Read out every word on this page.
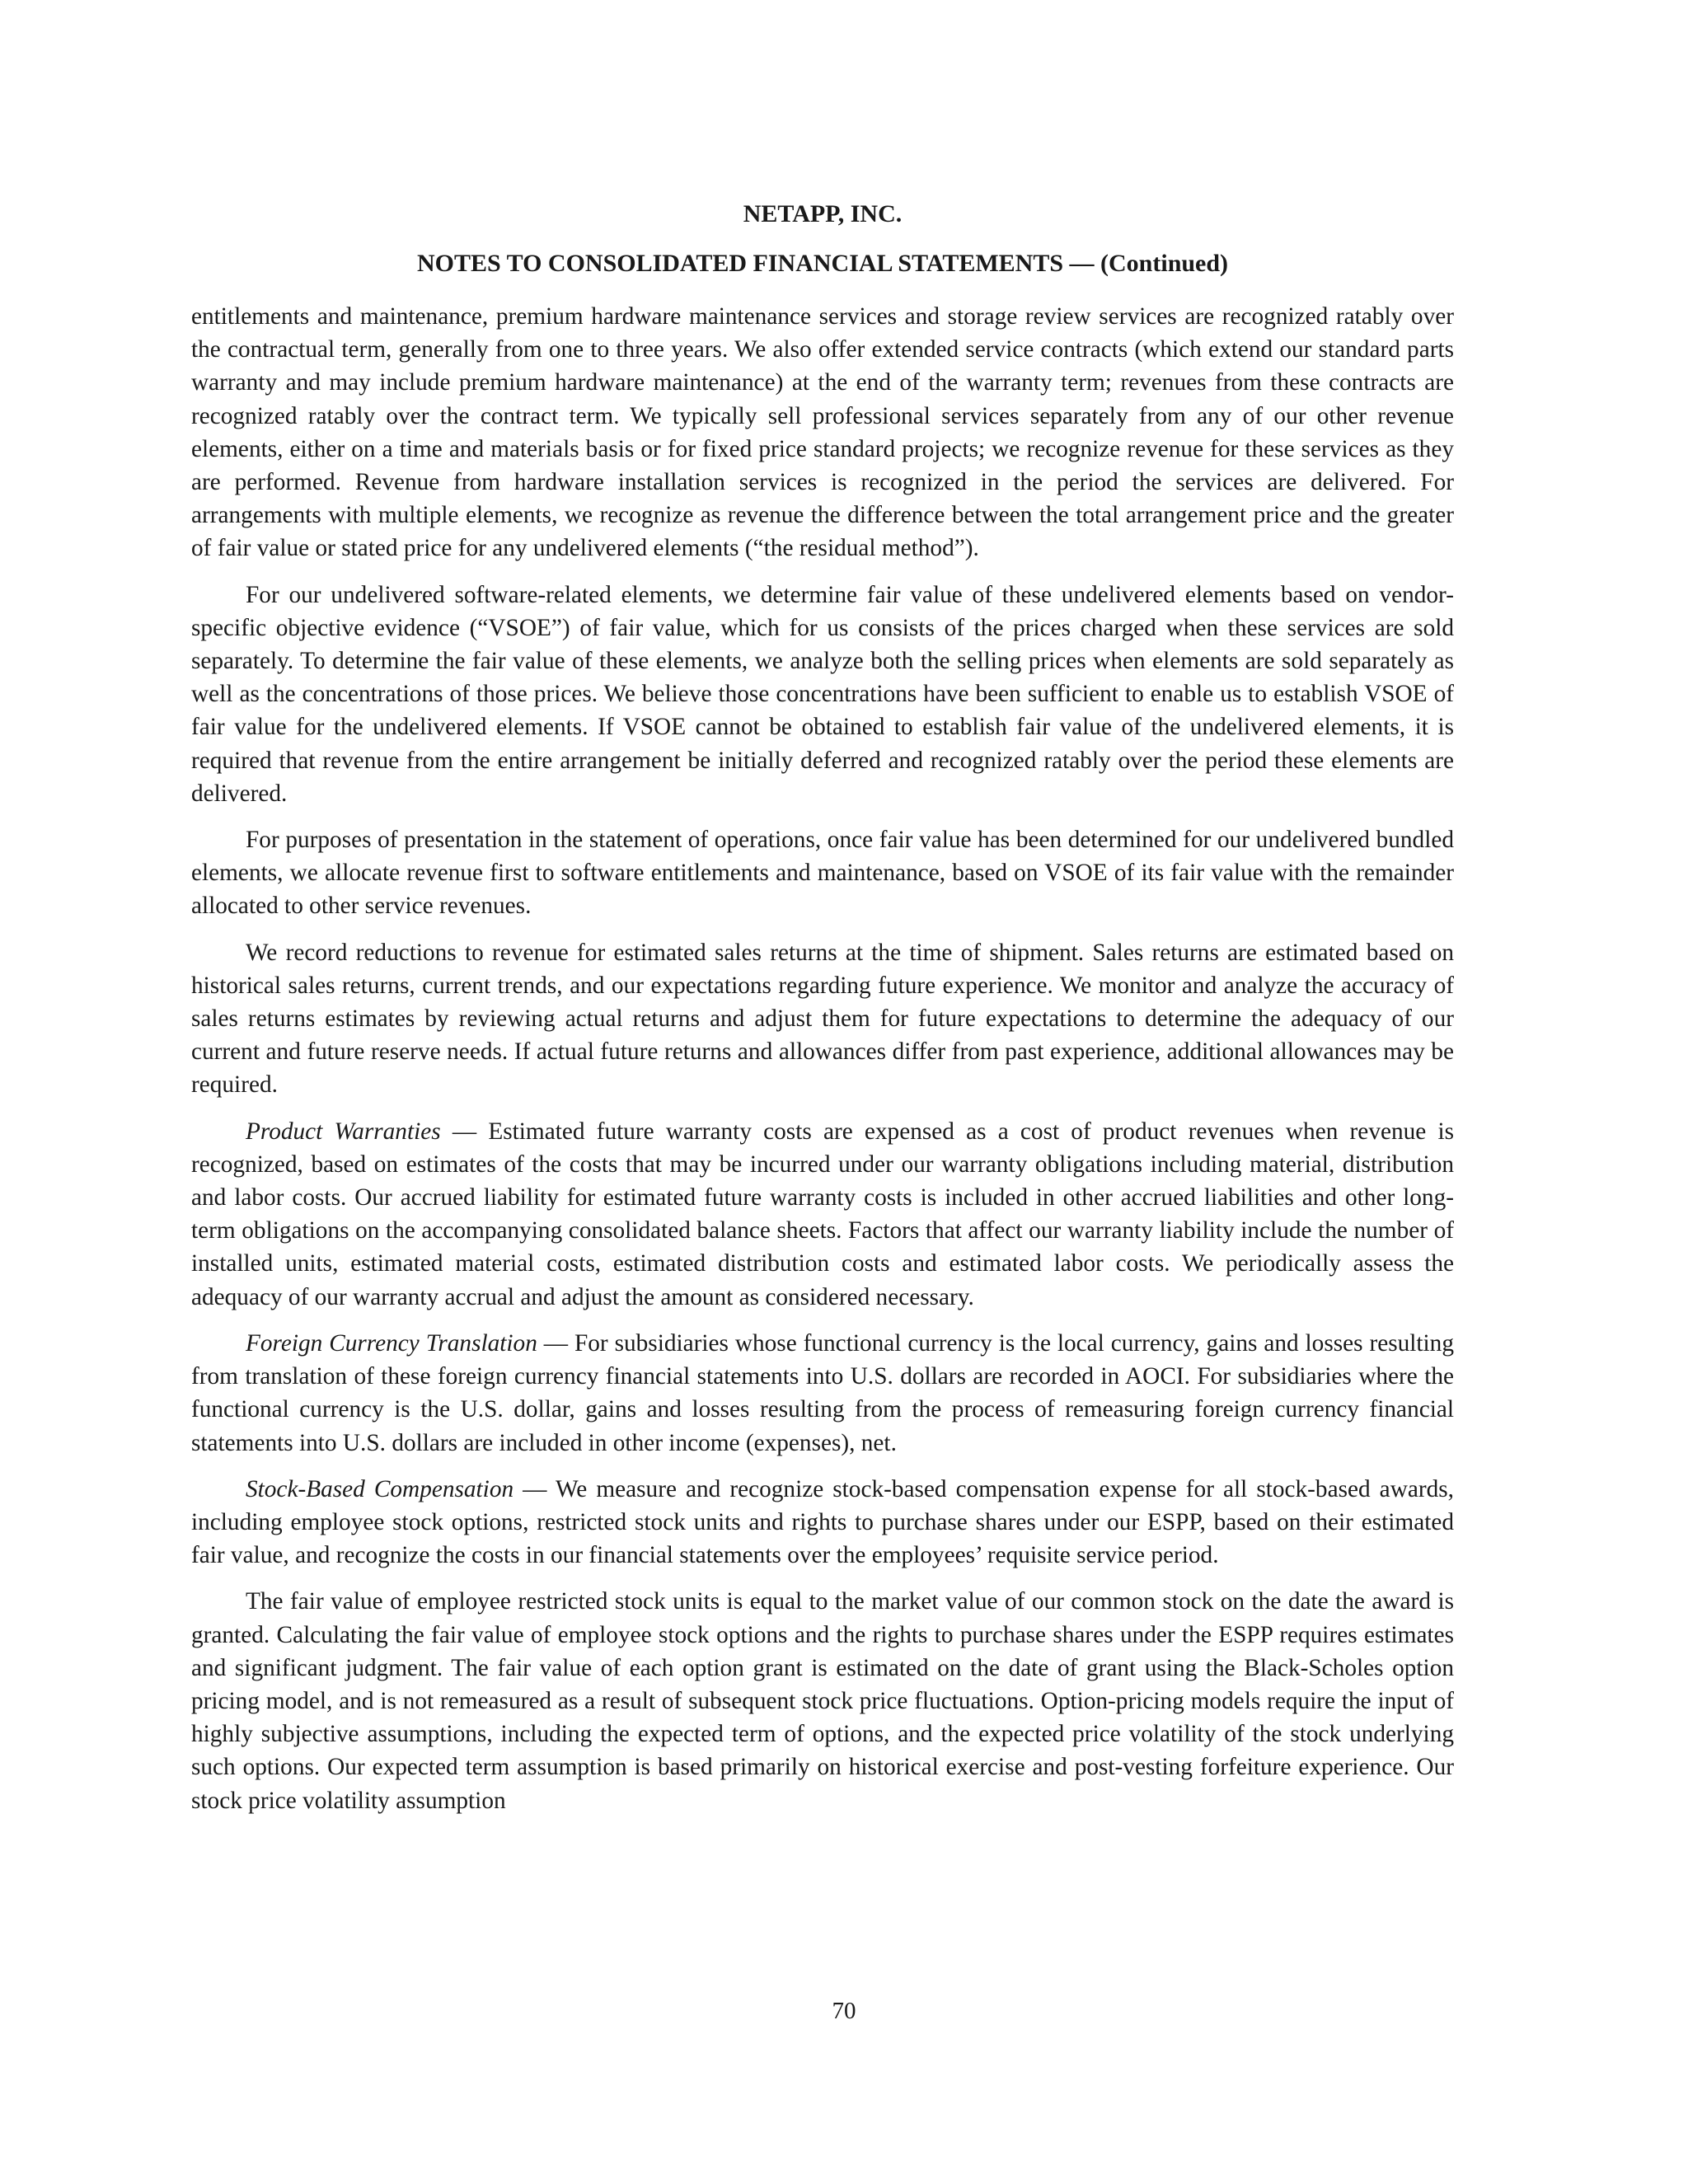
NETAPP, INC.
NOTES TO CONSOLIDATED FINANCIAL STATEMENTS — (Continued)

entitlements and maintenance, premium hardware maintenance services and storage review services are recognized ratably over the contractual term, generally from one to three years. We also offer extended service contracts (which extend our standard parts warranty and may include premium hardware maintenance) at the end of the warranty term; revenues from these contracts are recognized ratably over the contract term. We typically sell professional services separately from any of our other revenue elements, either on a time and materials basis or for fixed price standard projects; we recognize revenue for these services as they are performed. Revenue from hardware installation services is recognized in the period the services are delivered. For arrangements with multiple elements, we recognize as revenue the difference between the total arrangement price and the greater of fair value or stated price for any undelivered elements (“the residual method”).

For our undelivered software-related elements, we determine fair value of these undelivered elements based on vendor-specific objective evidence (“VSOE”) of fair value, which for us consists of the prices charged when these services are sold separately. To determine the fair value of these elements, we analyze both the selling prices when elements are sold separately as well as the concentrations of those prices. We believe those concentrations have been sufficient to enable us to establish VSOE of fair value for the undelivered elements. If VSOE cannot be obtained to establish fair value of the undelivered elements, it is required that revenue from the entire arrangement be initially deferred and recognized ratably over the period these elements are delivered.

For purposes of presentation in the statement of operations, once fair value has been determined for our undelivered bundled elements, we allocate revenue first to software entitlements and maintenance, based on VSOE of its fair value with the remainder allocated to other service revenues.

We record reductions to revenue for estimated sales returns at the time of shipment. Sales returns are estimated based on historical sales returns, current trends, and our expectations regarding future experience. We monitor and analyze the accuracy of sales returns estimates by reviewing actual returns and adjust them for future expectations to determine the adequacy of our current and future reserve needs. If actual future returns and allowances differ from past experience, additional allowances may be required.

Product Warranties — Estimated future warranty costs are expensed as a cost of product revenues when revenue is recognized, based on estimates of the costs that may be incurred under our warranty obligations including material, distribution and labor costs. Our accrued liability for estimated future warranty costs is included in other accrued liabilities and other long-term obligations on the accompanying consolidated balance sheets. Factors that affect our warranty liability include the number of installed units, estimated material costs, estimated distribution costs and estimated labor costs. We periodically assess the adequacy of our warranty accrual and adjust the amount as considered necessary.

Foreign Currency Translation — For subsidiaries whose functional currency is the local currency, gains and losses resulting from translation of these foreign currency financial statements into U.S. dollars are recorded in AOCI. For subsidiaries where the functional currency is the U.S. dollar, gains and losses resulting from the process of remeasuring foreign currency financial statements into U.S. dollars are included in other income (expenses), net.

Stock-Based Compensation — We measure and recognize stock-based compensation expense for all stock-based awards, including employee stock options, restricted stock units and rights to purchase shares under our ESPP, based on their estimated fair value, and recognize the costs in our financial statements over the employees’ requisite service period.

The fair value of employee restricted stock units is equal to the market value of our common stock on the date the award is granted. Calculating the fair value of employee stock options and the rights to purchase shares under the ESPP requires estimates and significant judgment. The fair value of each option grant is estimated on the date of grant using the Black-Scholes option pricing model, and is not remeasured as a result of subsequent stock price fluctuations. Option-pricing models require the input of highly subjective assumptions, including the expected term of options, and the expected price volatility of the stock underlying such options. Our expected term assumption is based primarily on historical exercise and post-vesting forfeiture experience. Our stock price volatility assumption

70
